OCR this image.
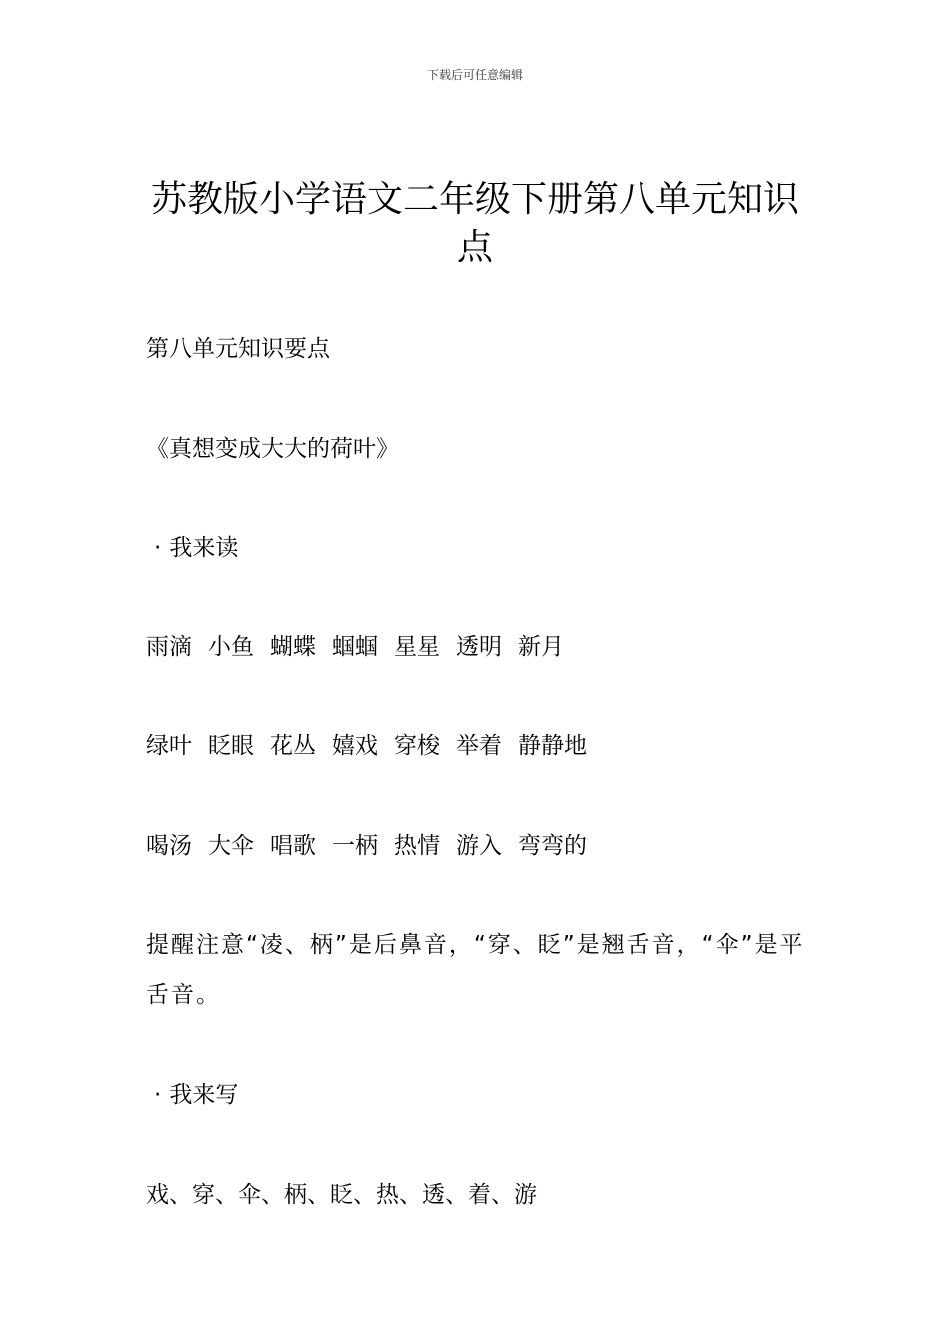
下载后可任意编辑
苏教版小学语文二年级下册第八单元知识点
第八单元知识要点
《真想变成大大的荷叶》
· 我来读
雨滴 小鱼 蝴蝶 蝈蝈 星星 透明 新月
绿叶 眨眼 花丛 嬉戏 穿梭 举着 静静地
喝汤 大伞 唱歌 一柄 热情 游入 弯弯的
提醒注意“凌、柄”是后鼻音，“穿、眨”是翘舌音，“伞”是平舌音。
· 我来写
戏、穿、伞、柄、眨、热、透、着、游
